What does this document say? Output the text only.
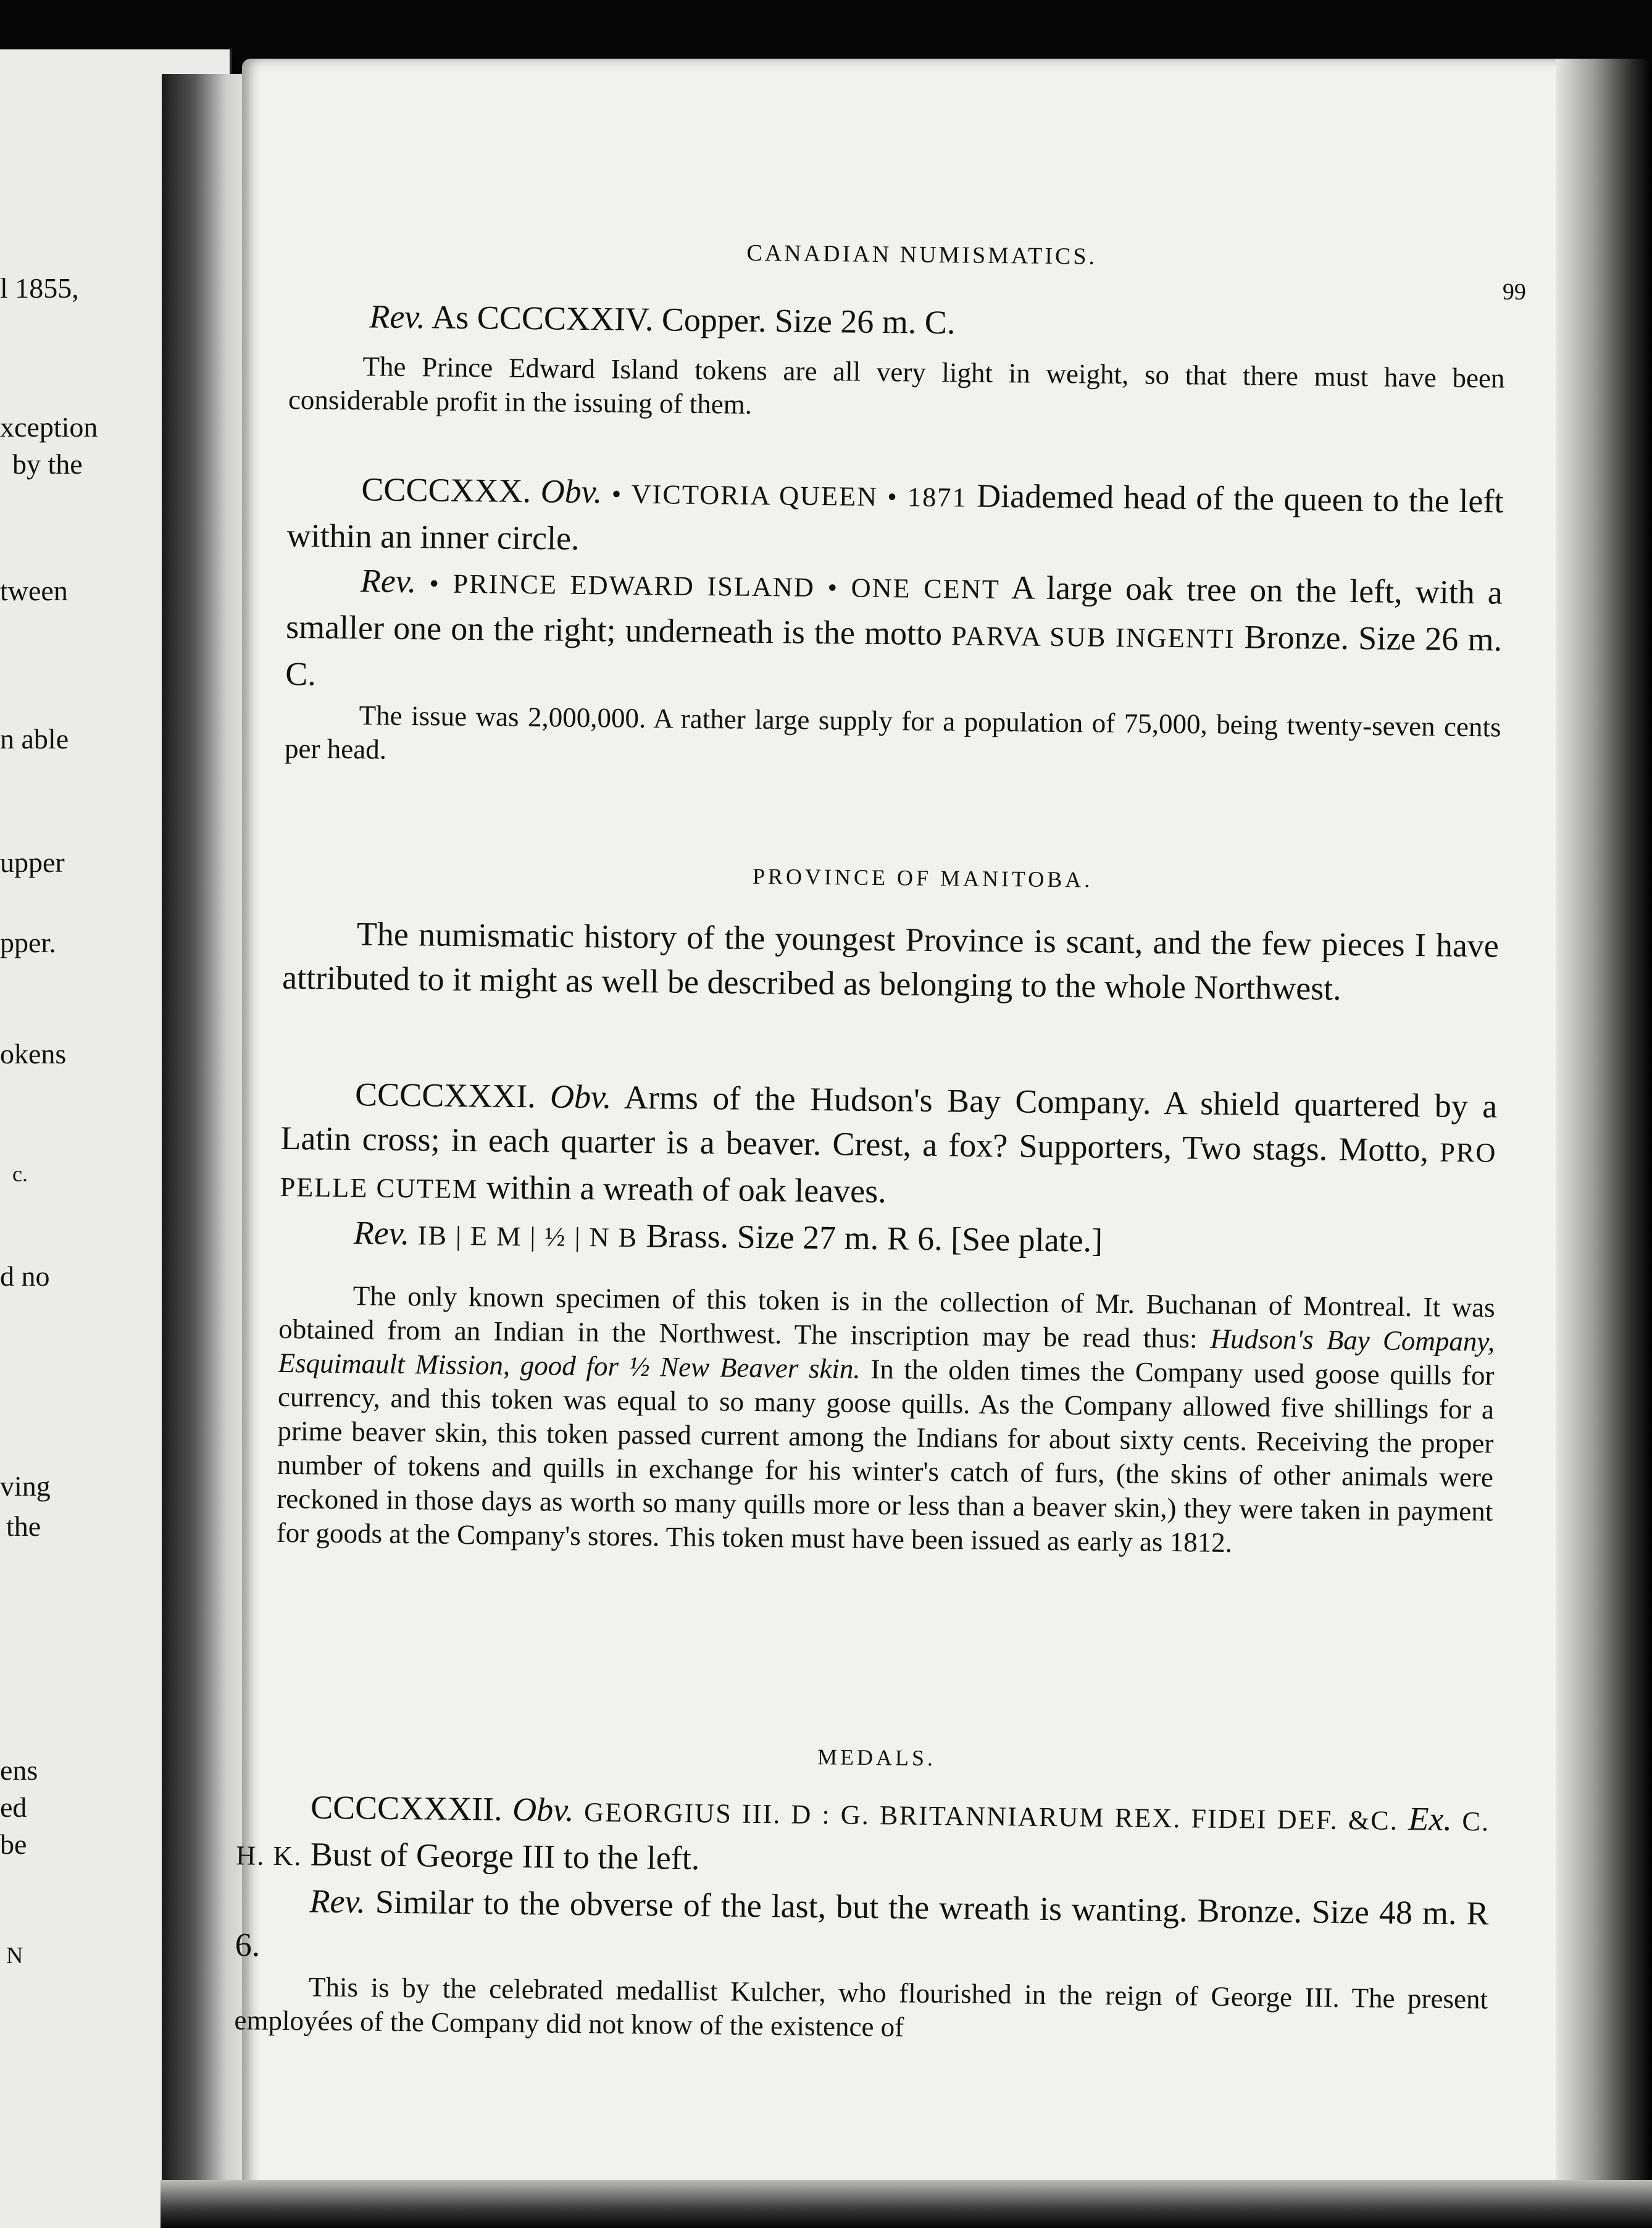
l 1855,
xception
by the
tween
n able
upper
pper.
okens
c.
d no
ving
the
ens
ed
be
N
CANADIAN NUMISMATICS.
99
Rev. As CCCCXXIV. Copper. Size 26 m. C.

The Prince Edward Island tokens are all very light in weight, so that there must have been considerable profit in the issuing of them.

CCCCXXX. Obv. • VICTORIA QUEEN • 1871 Diademed head of the queen to the left within an inner circle.

Rev. • PRINCE EDWARD ISLAND • ONE CENT A large oak tree on the left, with a smaller one on the right; underneath is the motto PARVA SUB INGENTI Bronze. Size 26 m. C.

The issue was 2,000,000. A rather large supply for a population of 75,000, being twenty-seven cents per head.

PROVINCE OF MANITOBA.

The numismatic history of the youngest Province is scant, and the few pieces I have attributed to it might as well be described as belonging to the whole Northwest.

CCCCXXXI. Obv. Arms of the Hudson's Bay Company. A shield quartered by a Latin cross; in each quarter is a beaver. Crest, a fox? Supporters, Two stags. Motto, PRO PELLE CUTEM within a wreath of oak leaves.

Rev. IB | E M | ½ | N B Brass. Size 27 m. R 6. [See plate.]

The only known specimen of this token is in the collection of Mr. Buchanan of Montreal. It was obtained from an Indian in the Northwest. The inscription may be read thus: Hudson's Bay Company, Esquimault Mission, good for ½ New Beaver skin. In the olden times the Company used goose quills for currency, and this token was equal to so many goose quills. As the Company allowed five shillings for a prime beaver skin, this token passed current among the Indians for about sixty cents. Receiving the proper number of tokens and quills in exchange for his winter's catch of furs, (the skins of other animals were reckoned in those days as worth so many quills more or less than a beaver skin,) they were taken in payment for goods at the Company's stores. This token must have been issued as early as 1812.

MEDALS.

CCCCXXXII. Obv. GEORGIUS III. D : G. BRITANNIARUM REX. FIDEI DEF. &C. Ex. C. H. K. Bust of George III to the left.

Rev. Similar to the obverse of the last, but the wreath is wanting. Bronze. Size 48 m. R 6.

This is by the celebrated medallist Kulcher, who flourished in the reign of George III. The present employées of the Company did not know of the existence of
